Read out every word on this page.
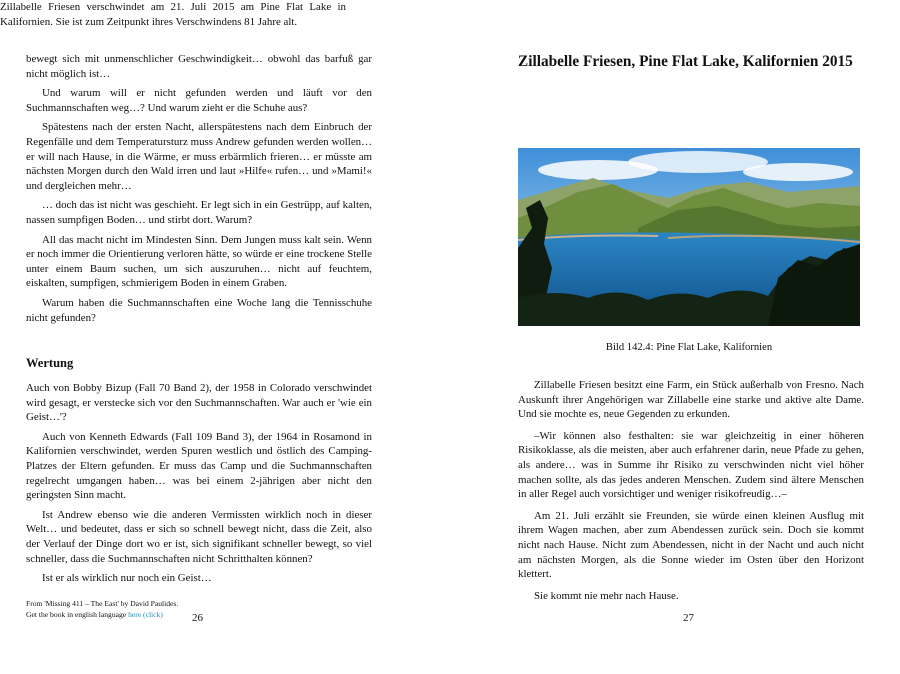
bewegt sich mit unmenschlicher Geschwindigkeit… obwohl das barfuß gar nicht möglich ist…

Und warum will er nicht gefunden werden und läuft vor den Suchmannschaften weg…? Und warum zieht er die Schuhe aus?

Spätestens nach der ersten Nacht, allerspätestens nach dem Einbruch der Regenfälle und dem Temperatursturz muss Andrew gefunden werden wollen… er will nach Hause, in die Wärme, er muss erbärmlich frieren… er müsste am nächsten Morgen durch den Wald irren und laut »Hilfe« rufen… und »Mami!« und dergleichen mehr…

… doch das ist nicht was geschieht. Er legt sich in ein Gestrüpp, auf kalten, nassen sumpfigen Boden… und stirbt dort. Warum?

All das macht nicht im Mindesten Sinn. Dem Jungen muss kalt sein. Wenn er noch immer die Orientierung verloren hätte, so würde er eine trockene Stelle unter einem Baum suchen, um sich auszuruhen… nicht auf feuchtem, eiskalten, sumpfigen, schmierigem Boden in einem Graben.

Warum haben die Suchmannschaften eine Woche lang die Tennisschuhe nicht gefunden?

Wertung

Auch von Bobby Bizup (Fall 70 Band 2), der 1958 in Colorado verschwindet wird gesagt, er verstecke sich vor den Suchmannschaften. War auch er 'wie ein Geist…'?

Auch von Kenneth Edwards (Fall 109 Band 3), der 1964 in Rosamond in Kalifornien verschwindet, werden Spuren westlich und östlich des Camping-Platzes der Eltern gefunden. Er muss das Camp und die Suchmannschaften regelrecht umgangen haben… was bei einem 2-jährigen aber nicht den geringsten Sinn macht.

Ist Andrew ebenso wie die anderen Vermissten wirklich noch in dieser Welt… und bedeutet, dass er sich so schnell bewegt nicht, dass die Zeit, also der Verlauf der Dinge dort wo er ist, sich signifikant schneller bewegt, so viel schneller, dass die Suchmannschaften nicht Schritthalten können?

Ist er als wirklich nur noch ein Geist…

From 'Missing 411 – The East' by David Paulides.
Get the book in english language here (click)	26
Zillabelle Friesen, Pine Flat Lake, Kalifornien 2015

Zillabelle Friesen verschwindet am 21. Juli 2015 am Pine Flat Lake in Kalifornien. Sie ist zum Zeitpunkt ihres Verschwindens 81 Jahre alt.

Bild 142.4: Pine Flat Lake, Kalifornien

Zillabelle Friesen besitzt eine Farm, ein Stück außerhalb von Fresno. Nach Auskunft ihrer Angehörigen war Zillabelle eine starke und aktive alte Dame. Und sie mochte es, neue Gegenden zu erkunden.

–Wir können also festhalten: sie war gleichzeitig in einer höheren Risikoklasse, als die meisten, aber auch erfahrener darin, neue Pfade zu gehen, als andere… was in Summe ihr Risiko zu verschwinden nicht viel höher machen sollte, als das jedes anderen Menschen. Zudem sind ältere Menschen in aller Regel auch vorsichtiger und weniger risikofreudig…–

Am 21. Juli erzählt sie Freunden, sie würde einen kleinen Ausflug mit ihrem Wagen machen, aber zum Abendessen zurück sein. Doch sie kommt nicht nach Hause. Nicht zum Abendessen, nicht in der Nacht und auch nicht am nächsten Morgen, als die Sonne wieder im Osten über den Horizont klettert.

Sie kommt nie mehr nach Hause.

27
